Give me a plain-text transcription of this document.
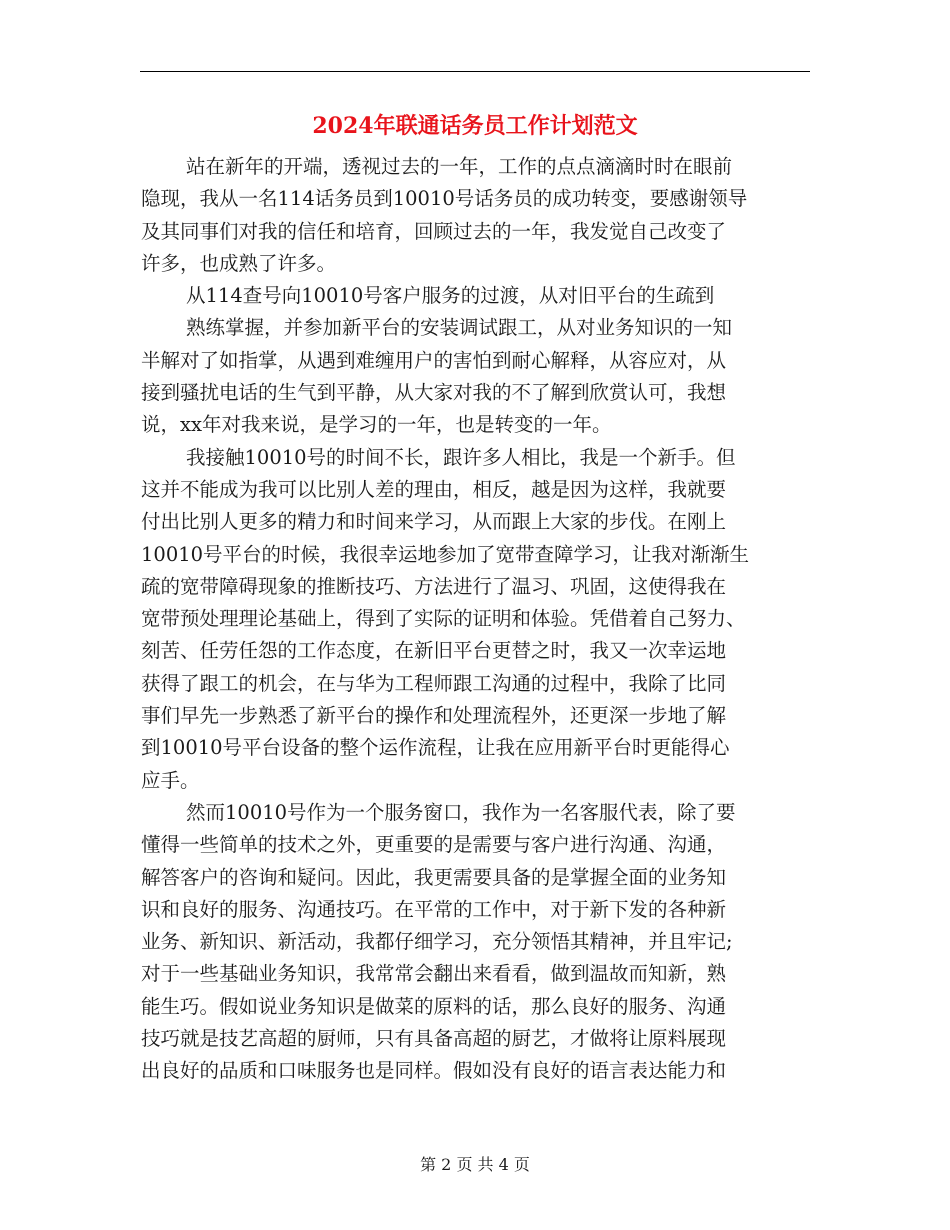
2024年联通话务员工作计划范文
站在新年的开端，透视过去的一年，工作的点点滴滴时时在眼前
隐现，我从一名114话务员到10010号话务员的成功转变，要感谢领导
及其同事们对我的信任和培育，回顾过去的一年，我发觉自己改变了
许多，也成熟了许多。
从114查号向10010号客户服务的过渡，从对旧平台的生疏到
熟练掌握，并参加新平台的安装调试跟工，从对业务知识的一知
半解对了如指掌，从遇到难缠用户的害怕到耐心解释，从容应对，从
接到骚扰电话的生气到平静，从大家对我的不了解到欣赏认可，我想
说，xx年对我来说，是学习的一年，也是转变的一年。
我接触10010号的时间不长，跟许多人相比，我是一个新手。但
这并不能成为我可以比别人差的理由，相反，越是因为这样，我就要
付出比别人更多的精力和时间来学习，从而跟上大家的步伐。在刚上
10010号平台的时候，我很幸运地参加了宽带查障学习，让我对渐渐生
疏的宽带障碍现象的推断技巧、方法进行了温习、巩固，这使得我在
宽带预处理理论基础上，得到了实际的证明和体验。凭借着自己努力、
刻苦、任劳任怨的工作态度，在新旧平台更替之时，我又一次幸运地
获得了跟工的机会，在与华为工程师跟工沟通的过程中，我除了比同
事们早先一步熟悉了新平台的操作和处理流程外，还更深一步地了解
到10010号平台设备的整个运作流程，让我在应用新平台时更能得心
应手。
然而10010号作为一个服务窗口，我作为一名客服代表，除了要
懂得一些简单的技术之外，更重要的是需要与客户进行沟通、沟通，
解答客户的咨询和疑问。因此，我更需要具备的是掌握全面的业务知
识和良好的服务、沟通技巧。在平常的工作中，对于新下发的各种新
业务、新知识、新活动，我都仔细学习，充分领悟其精神，并且牢记;
对于一些基础业务知识，我常常会翻出来看看，做到温故而知新，熟
能生巧。假如说业务知识是做菜的原料的话，那么良好的服务、沟通
技巧就是技艺高超的厨师，只有具备高超的厨艺，才做将让原料展现
出良好的品质和口味服务也是同样。假如没有良好的语言表达能力和
第 2 页 共 4 页
